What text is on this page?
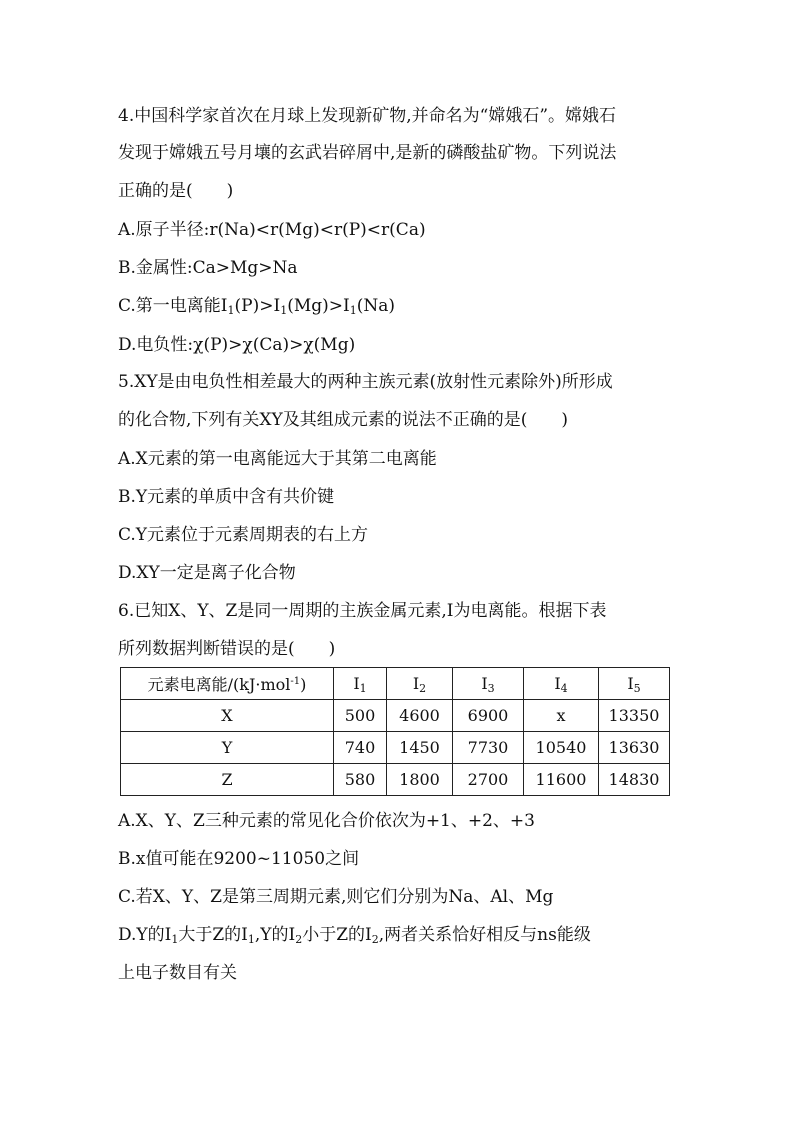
4.中国科学家首次在月球上发现新矿物,并命名为“嫦娥石”。嫦娥石
发现于嫦娥五号月壤的玄武岩碎屑中,是新的磷酸盐矿物。下列说法
正确的是(　　)
A.原子半径:r(Na)<r(Mg)<r(P)<r(Ca)
B.金属性:Ca>Mg>Na
C.第一电离能$I_1(P)>I_1(Mg)>I_1(Na)$
D.电负性:χ(P)>χ(Ca)>χ(Mg)
5.XY是由电负性相差最大的两种主族元素(放射性元素除外)所形成
的化合物,下列有关XY及其组成元素的说法不正确的是(　　)
A.X元素的第一电离能远大于其第二电离能
B.Y元素的单质中含有共价键
C.Y元素位于元素周期表的右上方
D.XY一定是离子化合物
6.已知X、Y、Z是同一周期的主族金属元素,I为电离能。根据下表
所列数据判断错误的是(　　)
元素电离能/(kJ·mol$^{-1}$)	$I_1$	$I_2$	$I_3$	$I_4$	$I_5$
X	500	4600	6900	x	13350
Y	740	1450	7730	10540	13630
Z	580	1800	2700	11600	14830
A.X、Y、Z三种元素的常见化合价依次为+1、+2、+3
B.x值可能在9200~11050之间
C.若X、Y、Z是第三周期元素,则它们分别为Na、Al、Mg
D.Y的$I_1$大于Z的$I_1,Y$的$I_2$小于Z的$I_2$,两者关系恰好相反与ns能级
上电子数目有关
